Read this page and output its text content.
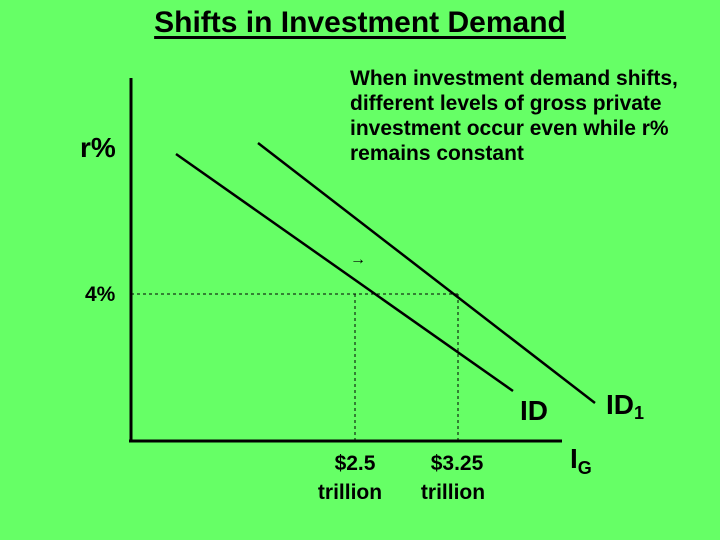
Shifts in Investment Demand

When investment demand shifts, different levels of gross private investment occur even while r% remains constant

r%
$I_G$
4%
ID ID1
→
$2.5
trillion
$3.25
trillion
